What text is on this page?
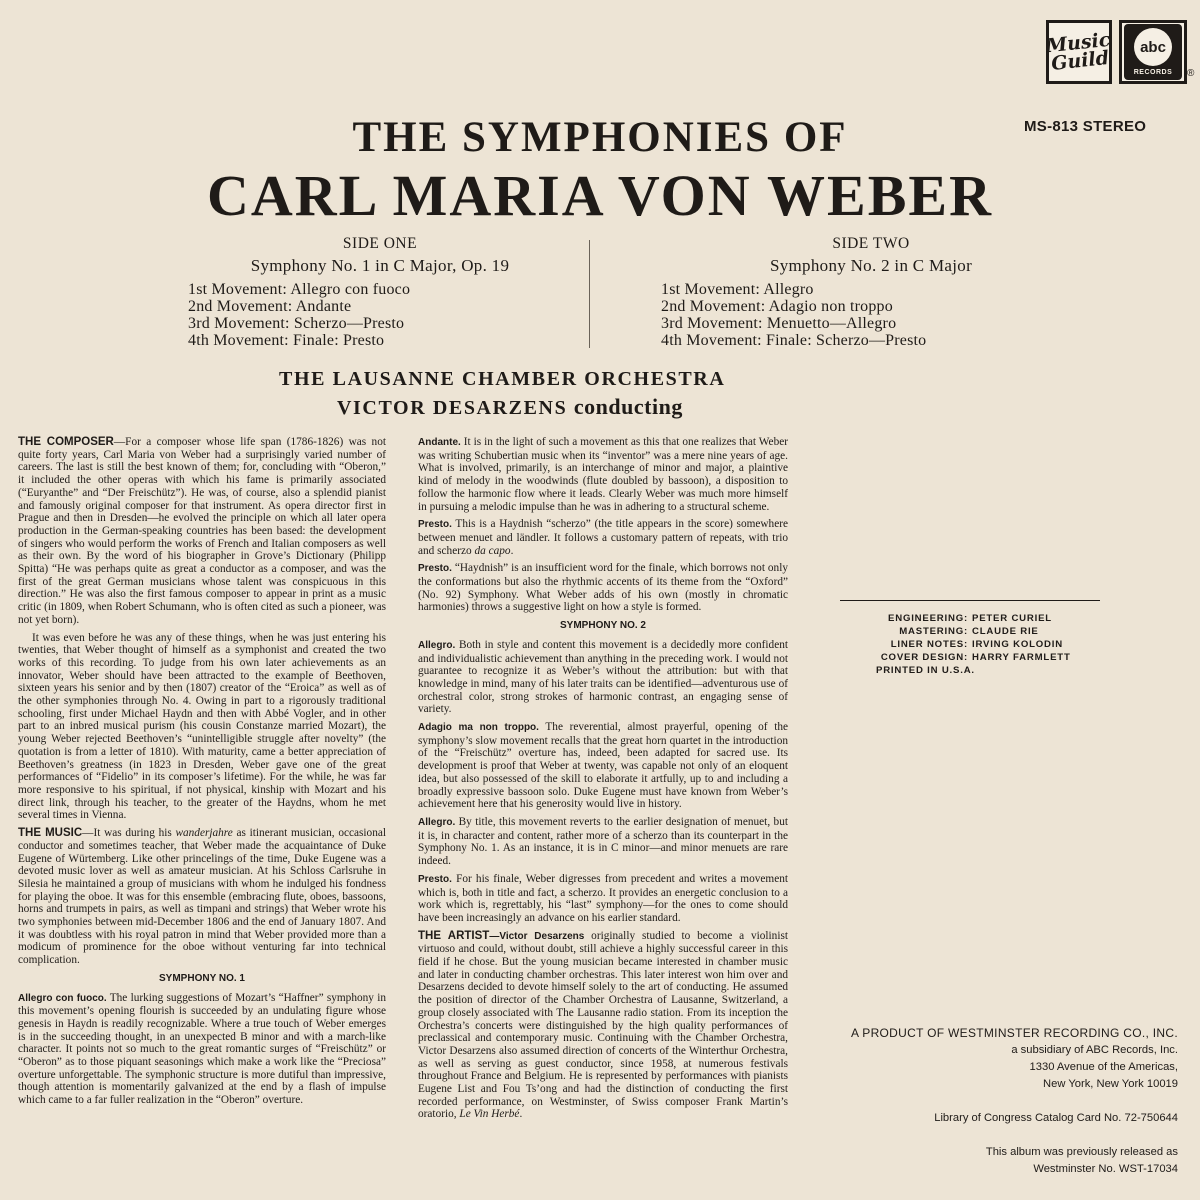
Music Guild	abc
RECORDS ®
MS-813 STEREO
THE SYMPHONIES OF
CARL MARIA VON WEBER
SIDE ONE
Symphony No. 1 in C Major, Op. 19
1st Movement: Allegro con fuoco
2nd Movement: Andante
3rd Movement: Scherzo—Presto
4th Movement: Finale: Presto
SIDE TWO
Symphony No. 2 in C Major
1st Movement: Allegro
2nd Movement: Adagio non troppo
3rd Movement: Menuetto—Allegro
4th Movement: Finale: Scherzo—Presto
THE LAUSANNE CHAMBER ORCHESTRA
VICTOR DESARZENS conducting

THE COMPOSER—For a composer whose life span (1786-1826) was not quite forty years, Carl Maria von Weber had a surprisingly varied number of careers. The last is still the best known of them; for, concluding with “Oberon,” it included the other operas with which his fame is primarily associated (“Euryanthe” and “Der Freischütz”). He was, of course, also a splendid pianist and famously original composer for that instrument. As opera director first in Prague and then in Dresden—he evolved the principle on which all later opera production in the German-speaking countries has been based: the development of singers who would perform the works of French and Italian composers as well as their own. By the word of his biographer in Grove’s Dictionary (Philipp Spitta) “He was perhaps quite as great a conductor as a composer, and was the first of the great German musicians whose talent was conspicuous in this direction.” He was also the first famous composer to appear in print as a music critic (in 1809, when Robert Schumann, who is often cited as such a pioneer, was not yet born).

It was even before he was any of these things, when he was just entering his twenties, that Weber thought of himself as a symphonist and created the two works of this recording. To judge from his own later achievements as an innovator, Weber should have been attracted to the example of Beethoven, sixteen years his senior and by then (1807) creator of the “Eroica” as well as of the other symphonies through No. 4. Owing in part to a rigorously traditional schooling, first under Michael Haydn and then with Abbé Vogler, and in other part to an inbred musical purism (his cousin Constanze married Mozart), the young Weber rejected Beethoven’s “unintelligible struggle after novelty” (the quotation is from a letter of 1810). With maturity, came a better appreciation of Beethoven’s greatness (in 1823 in Dresden, Weber gave one of the great performances of “Fidelio” in its composer’s lifetime). For the while, he was far more responsive to his spiritual, if not physical, kinship with Mozart and his direct link, through his teacher, to the greater of the Haydns, whom he met several times in Vienna.

THE MUSIC—It was during his wanderjahre as itinerant musician, occasional conductor and sometimes teacher, that Weber made the acquaintance of Duke Eugene of Würtemberg. Like other princelings of the time, Duke Eugene was a devoted music lover as well as amateur musician. At his Schloss Carlsruhe in Silesia he maintained a group of musicians with whom he indulged his fondness for playing the oboe. It was for this ensemble (embracing flute, oboes, bassoons, horns and trumpets in pairs, as well as timpani and strings) that Weber wrote his two symphonies between mid-December 1806 and the end of January 1807. And it was doubtless with his royal patron in mind that Weber provided more than a modicum of prominence for the oboe without venturing far into technical complication.

SYMPHONY NO. 1

Allegro con fuoco. The lurking suggestions of Mozart’s “Haffner” symphony in this movement’s opening flourish is succeeded by an undulating figure whose genesis in Haydn is readily recognizable. Where a true touch of Weber emerges is in the succeeding thought, in an unexpected B minor and with a march-like character. It points not so much to the great romantic surges of “Freischütz” or “Oberon” as to those piquant seasonings which make a work like the “Preciosa” overture unforgettable. The symphonic structure is more dutiful than impressive, though attention is momentarily galvanized at the end by a flash of impulse which came to a far fuller realization in the “Oberon” overture.

Andante. It is in the light of such a movement as this that one realizes that Weber was writing Schubertian music when its “inventor” was a mere nine years of age. What is involved, primarily, is an interchange of minor and major, a plaintive kind of melody in the woodwinds (flute doubled by bassoon), a disposition to follow the harmonic flow where it leads. Clearly Weber was much more himself in pursuing a melodic impulse than he was in adhering to a structural scheme.

Presto. This is a Haydnish “scherzo” (the title appears in the score) somewhere between menuet and ländler. It follows a customary pattern of repeats, with trio and scherzo da capo.

Presto. “Haydnish” is an insufficient word for the finale, which borrows not only the conformations but also the rhythmic accents of its theme from the “Oxford” (No. 92) Symphony. What Weber adds of his own (mostly in chromatic harmonies) throws a suggestive light on how a style is formed.

SYMPHONY NO. 2

Allegro. Both in style and content this movement is a decidedly more confident and individualistic achievement than anything in the preceding work. I would not guarantee to recognize it as Weber’s without the attribution: but with that knowledge in mind, many of his later traits can be identified—adventurous use of orchestral color, strong strokes of harmonic contrast, an engaging sense of variety.

Adagio ma non troppo. The reverential, almost prayerful, opening of the symphony’s slow movement recalls that the great horn quartet in the introduction of the “Freischütz” overture has, indeed, been adapted for sacred use. Its development is proof that Weber at twenty, was capable not only of an eloquent idea, but also possessed of the skill to elaborate it artfully, up to and including a broadly expressive bassoon solo. Duke Eugene must have known from Weber’s achievement here that his generosity would live in history.

Allegro. By title, this movement reverts to the earlier designation of menuet, but it is, in character and content, rather more of a scherzo than its counterpart in the Symphony No. 1. As an instance, it is in C minor—and minor menuets are rare indeed.

Presto. For his finale, Weber digresses from precedent and writes a movement which is, both in title and fact, a scherzo. It provides an energetic conclusion to a work which is, regrettably, his “last” symphony—for the ones to come should have been increasingly an advance on his earlier standard.

THE ARTIST—Victor Desarzens originally studied to become a violinist virtuoso and could, without doubt, still achieve a highly successful career in this field if he chose. But the young musician became interested in chamber music and later in conducting chamber orchestras. This later interest won him over and Desarzens decided to devote himself solely to the art of conducting. He assumed the position of director of the Chamber Orchestra of Lausanne, Switzerland, a group closely associated with The Lausanne radio station. From its inception the Orchestra’s concerts were distinguished by the high quality performances of preclassical and contemporary music. Continuing with the Chamber Orchestra, Victor Desarzens also assumed direction of concerts of the Winterthur Orchestra, as well as serving as guest conductor, since 1958, at numerous festivals throughout France and Belgium. He is represented by performances with pianists Eugene List and Fou Ts’ong and had the distinction of conducting the first recorded performance, on Westminster, of Swiss composer Frank Martin’s oratorio, Le Vin Herbé.

ENGINEERING: PETER CURIEL
MASTERING: CLAUDE RIE
LINER NOTES: IRVING KOLODIN
COVER DESIGN: HARRY FARMLETT
PRINTED IN U.S.A.
A PRODUCT OF WESTMINSTER RECORDING CO., INC.
a subsidiary of ABC Records, Inc.
1330 Avenue of the Americas,
New York, New York 10019
Library of Congress Catalog Card No. 72-750644
This album was previously released as
Westminster No. WST-17034
